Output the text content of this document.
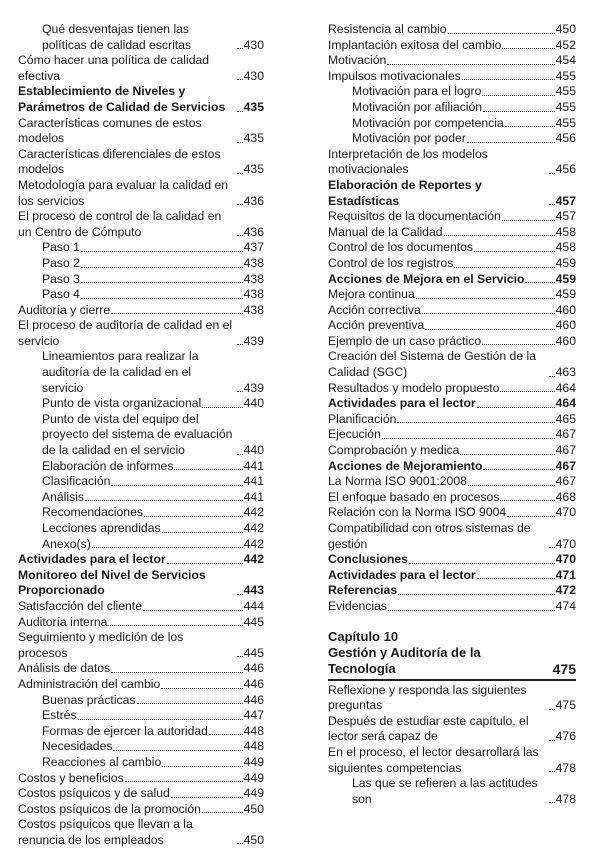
Qué desventajas tienen las políticas de calidad escritas	430
Cómo hacer una política de calidad efectiva	430
Establecimiento de Niveles y Parámetros de Calidad de Servicios	435
Características comunes de estos modelos	435
Características diferenciales de estos modelos	435
Metodología para evaluar la calidad en los servicios	436
El proceso de control de la calidad en un Centro de Cómputo	436
Paso 1	437
Paso 2	438
Paso 3	438
Paso 4	438
Auditoría y cierre	438
El proceso de auditoría de calidad en el servicio	439
Lineamientos para realizar la auditoría de la calidad en el servicio	439
Punto de vista organizacional	440
Punto de vista del equipo del proyecto del sistema de evaluación de la calidad en el servicio	440
Elaboración de informes	441
Clasificación	441
Análisis	441
Recomendaciones	442
Lecciones aprendidas	442
Anexo(s)	442
Actividades para el lector	442
Monitoreo del Nivel de Servicios Proporcionado	443
Satisfacción del cliente	444
Auditoría interna	445
Seguimiento y medición de los procesos	445
Análisis de datos	446
Administración del cambio	446
Buenas prácticas	446
Estrés	447
Formas de ejercer la autoridad	448
Necesidades	448
Reacciones al cambio	449
Costos y beneficios	449
Costos psíquicos y de salud	449
Costos psíquicos de la promoción	450
Costos psíquicos que llevan a la renuncia de los empleados	450
Resistencia al cambio	450
Implantación exitosa del cambio	452
Motivación	454
Impulsos motivacionales	455
Motivación para el logro	455
Motivación por afiliación	455
Motivación por competencia	455
Motivación por poder	456
Interpretación de los modelos motivacionales	456
Elaboración de Reportes y Estadísticas	457
Requisitos de la documentación	457
Manual de la Calidad	458
Control de los documentos	458
Control de los registros	459
Acciones de Mejora en el Servicio	459
Mejora continua	459
Acción correctiva	460
Acción preventiva	460
Ejemplo de un caso práctico	460
Creación del Sistema de Gestión de la Calidad (SGC)	463
Resultados y modelo propuesto	464
Actividades para el lector	464
Planificación	465
Ejecución	467
Comprobación y medica	467
Acciones de Mejoramiento	467
La Norma ISO 9001:2008	467
El enfoque basado en procesos	468
Relación con la Norma ISO 9004	470
Compatibilidad con otros sistemas de gestión	470
Conclusiones	470
Actividades para el lector	471
Referencias	472
Evidencias	474
Capítulo 10
Gestión y Auditoría de la Tecnología	475
Reflexione y responda las siguientes preguntas	475
Después de estudiar este capítulo, el lector será capaz de	476
En el proceso, el lector desarrollará las siguientes competencias	478
Las que se refieren a las actitudes son	478
